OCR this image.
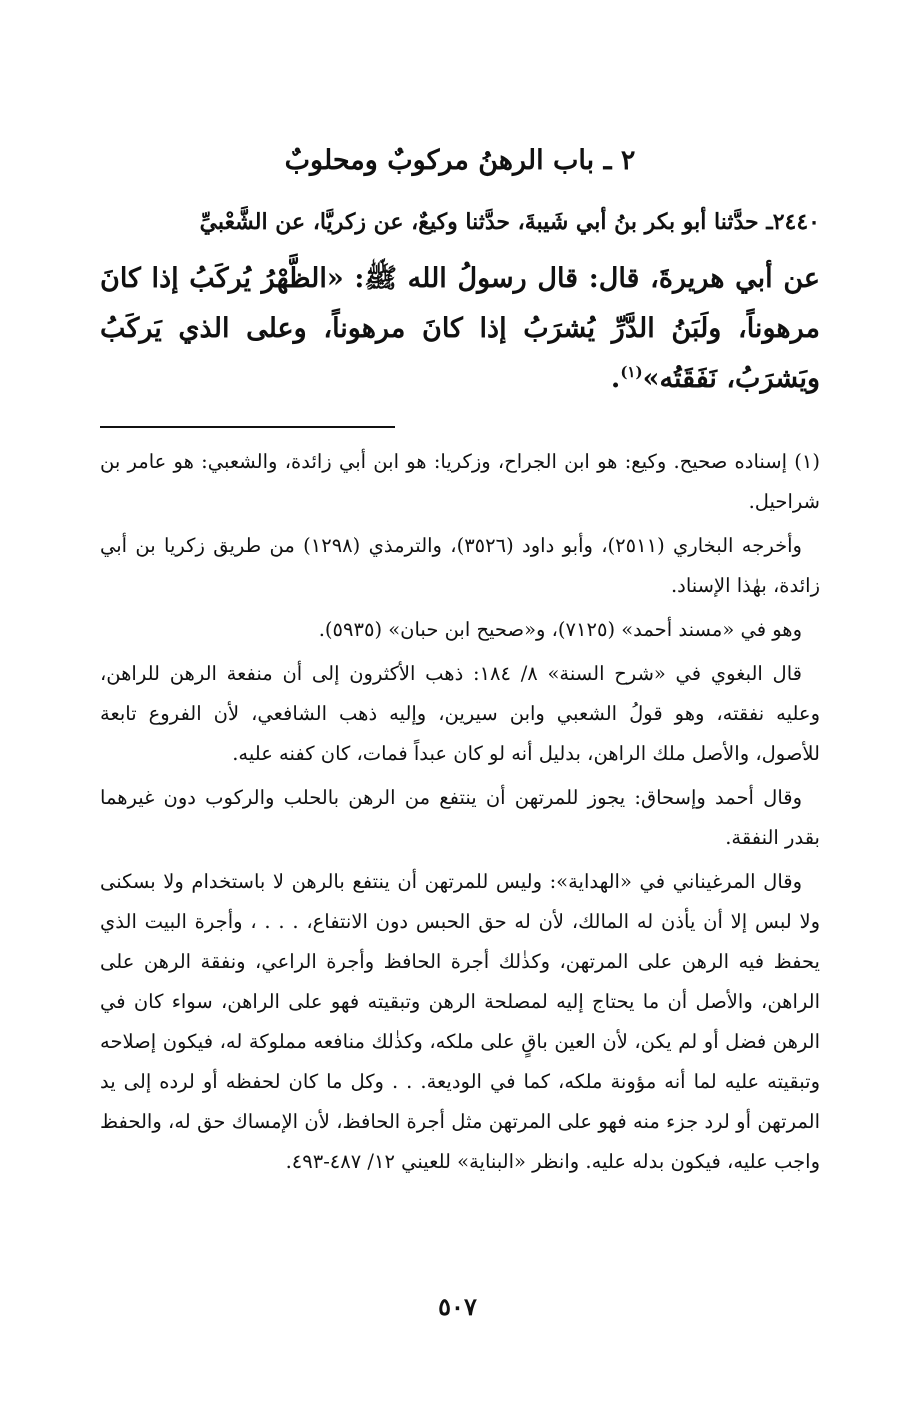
٢ ـ باب الرهنُ مركوبٌ ومحلوبٌ

٢٤٤٠ـ حدَّثنا أبو بكر بنُ أبي شَيبةَ، حدَّثنا وكيعٌ، عن زكريَّا، عن الشَّعْبيِّ

عن أبي هريرةَ، قال: قال رسولُ الله ﷺ: «الظَّهْرُ يُركَبُ إذا كانَ مرهوناً، ولَبَنُ الدَّرِّ يُشرَبُ إذا كانَ مرهوناً، وعلى الذي يَركَبُ ويَشرَبُ، نَفَقَتُه»$^{(١)}$.

(١) إسناده صحيح. وكيع: هو ابن الجراح، وزكريا: هو ابن أبي زائدة، والشعبي: هو عامر بن شراحيل.

وأخرجه البخاري (٢٥١١)، وأبو داود (٣٥٢٦)، والترمذي (١٢٩٨) من طريق زكريا بن أبي زائدة، بهٰذا الإسناد.

وهو في «مسند أحمد» (٧١٢٥)، و«صحيح ابن حبان» (٥٩٣٥).

قال البغوي في «شرح السنة» ٨/ ١٨٤: ذهب الأكثرون إلى أن منفعة الرهن للراهن، وعليه نفقته، وهو قولُ الشعبي وابن سيرين، وإليه ذهب الشافعي، لأن الفروع تابعة للأصول، والأصل ملك الراهن، بدليل أنه لو كان عبداً فمات، كان كفنه عليه.

وقال أحمد وإسحاق: يجوز للمرتهن أن ينتفع من الرهن بالحلب والركوب دون غيرهما بقدر النفقة.

وقال المرغيناني في «الهداية»: وليس للمرتهن أن ينتفع بالرهن لا باستخدام ولا بسكنى ولا لبس إلا أن يأذن له المالك، لأن له حق الحبس دون الانتفاع، . . . ، وأجرة البيت الذي يحفظ فيه الرهن على المرتهن، وكذٰلك أجرة الحافظ وأجرة الراعي، ونفقة الرهن على الراهن، والأصل أن ما يحتاج إليه لمصلحة الرهن وتبقيته فهو على الراهن، سواء كان في الرهن فضل أو لم يكن، لأن العين باقٍ على ملكه، وكذٰلك منافعه مملوكة له، فيكون إصلاحه وتبقيته عليه لما أنه مؤونة ملكه، كما في الوديعة. . . وكل ما كان لحفظه أو لرده إلى يد المرتهن أو لرد جزء منه فهو على المرتهن مثل أجرة الحافظ، لأن الإمساك حق له، والحفظ واجب عليه، فيكون بدله عليه. وانظر «البناية» للعيني ١٢/ ٤٨٧-٤٩٣.

٥٠٧
